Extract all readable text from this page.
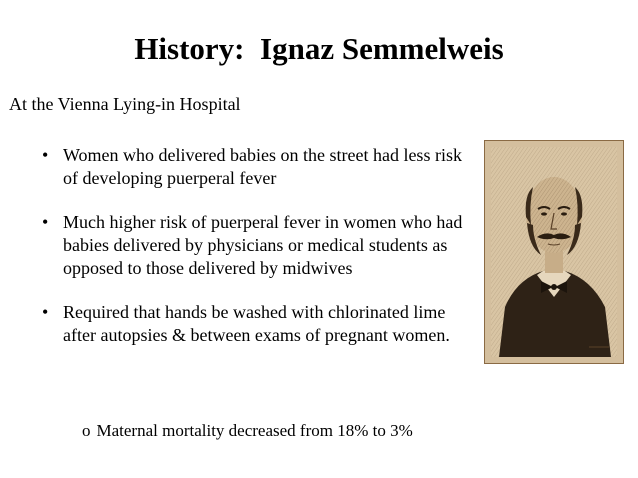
History:  Ignaz Semmelweis
At the Vienna Lying-in Hospital
• Women who delivered babies on the street had less risk of developing puerperal fever
• Much higher risk of puerperal fever in women who had babies delivered by physicians or medical students as opposed to those delivered by midwives
• Required that hands be washed with chlorinated lime after autopsies & between exams of pregnant women.
o Maternal mortality decreased from 18% to 3%
